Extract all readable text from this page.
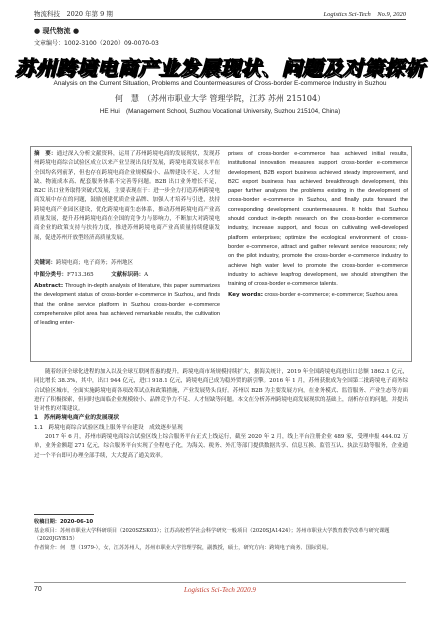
物流科技　2020 年第 9 期	Logistics Sci-Tech　No.9, 2020
● 现代物流 ●
文章编号：1002-3100（2020）09-0070-03
苏州跨境电商产业发展现状、问题及对策探析
Analysis on the Current Situation, Problems and Countermeasures of Cross-border E-commerce Industry in Suzhou
何　慧　（苏州市职业大学 管理学院，江苏 苏州 215104）
HE Hui　(Management School, Suzhou Vocational University, Suzhou 215104, China)
摘　要：通过深入分析文献资料，运用了苏州跨境电商的发展现状，发现苏州跨境电商综合试验区成立以来产业呈现出良好发展，跨境电商发展水平在全国均名列前茅，但也存在跨境电商企业规模偏小、品牌建设不足、人才短缺、物流成本高、配套服务体系不完善等问题。B2B 出口业务增长不足，B2C 出口业务取得突破式发展，主要表现在于：进一步全力打造苏州跨境电商发展中存在的问题，鼓励创建优质企业品牌、加强人才培养与引进，扶持跨境电商产业园区建设，优化跨境电商生态体系，推动苏州跨境电商产业高质量发展，提升苏州跨境电商在全国的竞争力与影响力，不断加大对跨境电商企业的政策支持与扶持力度，推进苏州跨境电商产业高质量持续健康发展，促进苏州开放型经济高质量发展。
关键词：跨境电商；电子商务；苏州地区
中图分类号：F713.365	文献标识码：A
Abstract: Through in-depth analysis of literature, this paper summarizes the development status of cross-border e-commerce in Suzhou, and finds that the online service platform in Suzhou cross-border e-commerce comprehensive pilot area has achieved remarkable results, the cultivation of leading enter-
prises of cross-border e-commerce has achieved initial results, institutional innovation measures support cross-border e-commerce development, B2B export business achieved steady improvement, and B2C export business has achieved breakthrough development, this paper further analyzes the problems existing in the development of cross-border e-commerce in Suzhou, and finally puts forward the corresponding development countermeasures. It holds that Suzhou should conduct in-depth research on the cross-border e-commerce industry, increase support, and focus on cultivating well-developed platform enterprises; optimize the ecological environment of cross-border e-commerce, attract and gather relevant service resources; rely on the pilot industry, promote the cross-border e-commerce industry to achieve high water level to promote the cross-border e-commerce industry to achieve leapfrog development, we should strengthen the training of cross-border e-commerce talents.
Key words: cross-border e-commerce; e-commerce; Suzhou area

随着经济全球化进程的加入以及全球互联网普惠的提升，跨境电商市场规模持续扩大，据海关统计，2019 年全国跨境电商进出口总额 1862.1 亿元，同比增长 38.3%，其中，出口 944 亿元，进口 918.1 亿元，跨境电商已成为稳外贸的新引擎。2016 年 1 月，苏州获批成为全国第二批跨境电子商务综合试验区城市，全面实施跨境电商各项改革试点和政策措施，产业发展势头良好。苏州以 B2B 为主要发展方向，在业务模式、监管服务、产业生态等方面进行了积极探索，但同时也面临企业规模较小、品牌竞争力不足、人才短缺等问题。本文在分析苏州跨境电商发展现状的基础上，剖析存在的问题，并提出针对性的对策建议。

1　苏州跨境电商产业的发展现状
1.1　跨境电商综合试验区线上服务平台建设　成效逐步显现

2017 年 6 月，苏州市跨境电商综合试验区线上综合服务平台正式上线运行，截至 2020 年 2 月，线上平台注册企业 489 家，受理申报 444.02 万单，业务金额超 271 亿元，综合服务平台实现了全程电子化，为海关、税务、外汇等部门提供数据共享、信息互换、监管互认、执法互助等服务，企业通过一个平台即可办理全部手续，大大提高了通关效率。

收稿日期：2020-06-10
基金项目：苏州市职业大学科研项目（2020SZSK03）；江苏高校哲学社会科学研究一般项目（2020SJA1424）；苏州市职业大学教育教学改革与研究课题（2020JGYB15）
作者简介：何　慧（1979-），女，江苏苏州人，苏州市职业大学管理学院，副教授，硕士，研究方向：跨境电子商务、国际贸易。
70	Logistics Sci-Tech 2020.9
